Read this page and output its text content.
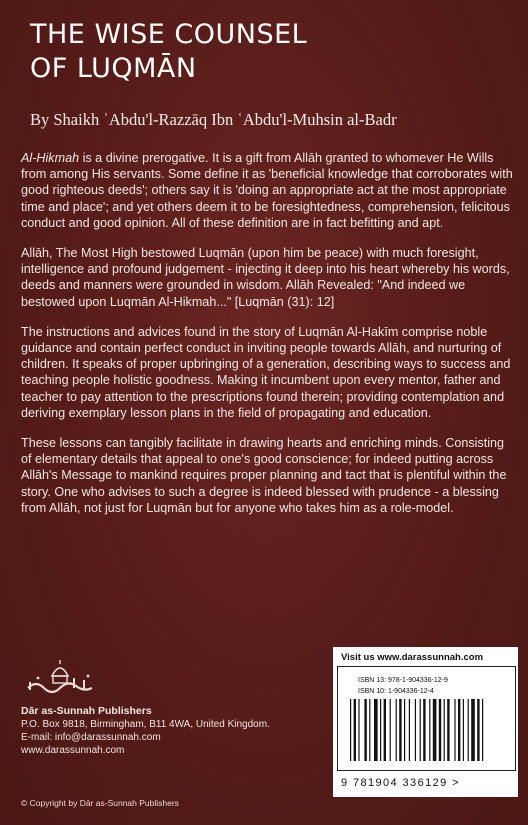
THE WISE COUNSEL
OF LUQMĀN
By Shaikh ʿAbdu'l-Razzāq Ibn ʿAbdu'l-Muhsin al-Badr

Al-Hikmah is a divine prerogative. It is a gift from Allāh granted to whomever He Wills from among His servants. Some define it as 'beneficial knowledge that corroborates with good righteous deeds'; others say it is 'doing an appropriate act at the most appropriate time and place'; and yet others deem it to be foresightedness, comprehension, felicitous conduct and good opinion. All of these definition are in fact befitting and apt.

Allāh, The Most High bestowed Luqmān (upon him be peace) with much foresight, intelligence and profound judgement - injecting it deep into his heart whereby his words, deeds and manners were grounded in wisdom. Allāh Revealed: "And indeed we bestowed upon Luqmān Al-Hikmah..." [Luqmān (31): 12]

The instructions and advices found in the story of Luqmān Al-Hakīm comprise noble guidance and contain perfect conduct in inviting people towards Allāh, and nurturing of children. It speaks of proper upbringing of a generation, describing ways to success and teaching people holistic goodness. Making it incumbent upon every mentor, father and teacher to pay attention to the prescriptions found therein; providing contemplation and deriving exemplary lesson plans in the field of propagating and education.

These lessons can tangibly facilitate in drawing hearts and enriching minds. Consisting of elementary details that appeal to one's good conscience; for indeed putting across Allāh's Message to mankind requires proper planning and tact that is plentiful within the story. One who advises to such a degree is indeed blessed with prudence - a blessing from Allāh, not just for Luqmān but for anyone who takes him as a role-model.

Dār as-Sunnah Publishers
P.O. Box 9818, Birmingham, B11 4WA, United Kingdom.
E-mail: info@darassunnah.com
www.darassunnah.com
© Copyright by Dār as-Sunnah Publishers
Visit us www.darassunnah.com
ISBN 13: 978-1-904336-12-9
ISBN 10: 1-904336-12-4
9 781904 336129 >
